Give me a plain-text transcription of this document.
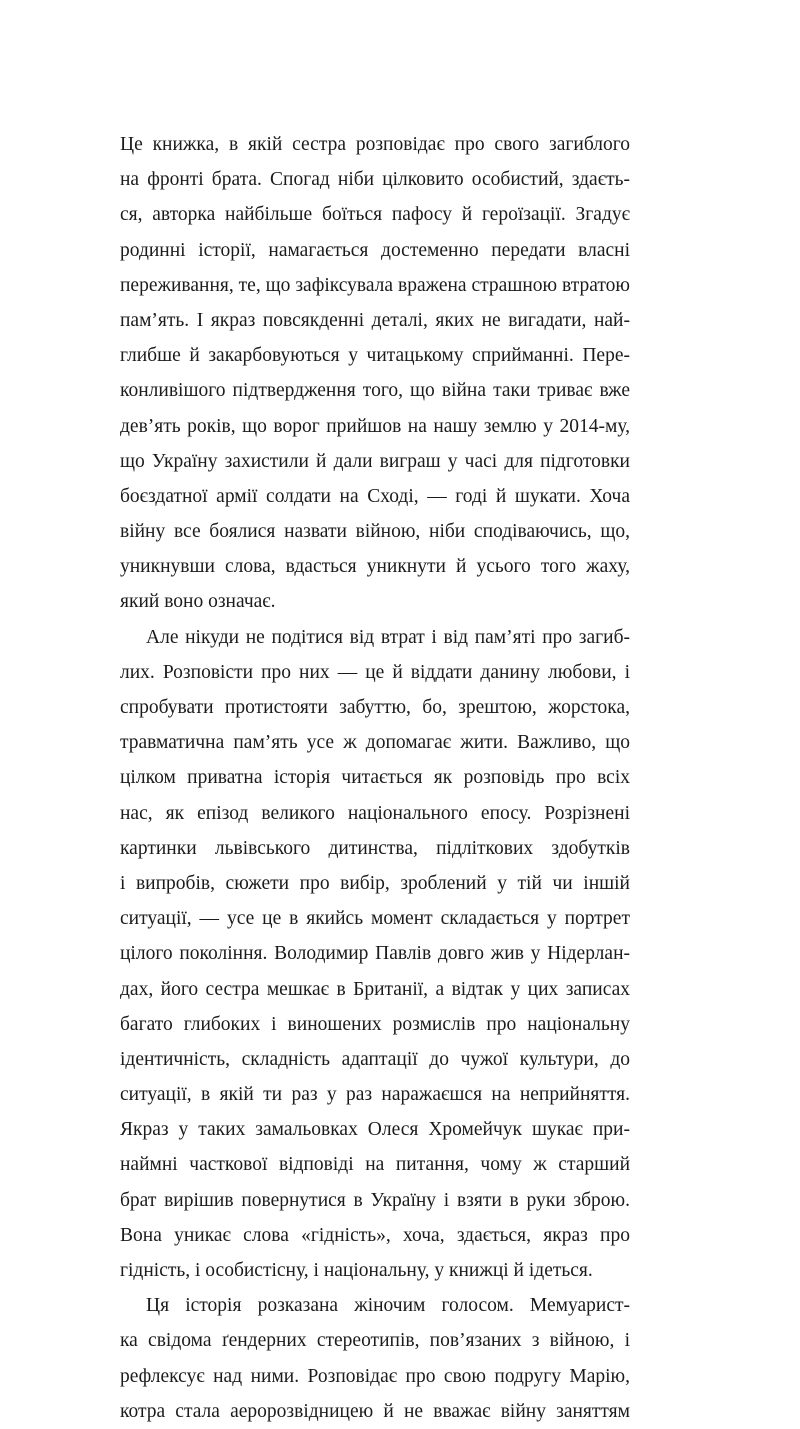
Це книжка, в якій сестра розповідає про свого загиблого
на фронті брата. Спогад ніби цілковито особистий, здаєть-
ся, авторка найбільше боїться пафосу й героїзації. Згадує
родинні історії, намагається достеменно передати власні
переживання, те, що зафіксувала вражена страшною втратою
пам’ять. І якраз повсякденні деталі, яких не вигадати, най-
глибше й закарбовуються у читацькому сприйманні. Пере-
конливішого підтвердження того, що війна таки триває вже
дев’ять років, що ворог прийшов на нашу землю у 2014-му,
що Україну захистили й дали виграш у часі для підготовки
боєздатної армії солдати на Сході, — годі й шукати. Хоча
війну все боялися назвати війною, ніби сподіваючись, що,
уникнувши слова, вдасться уникнути й усього того жаху,
який воно означає.
Але нікуди не подітися від втрат і від пам’яті про загиб-
лих. Розповісти про них — це й віддати данину любови, і
спробувати протистояти забуттю, бо, зрештою, жорстока,
травматична пам’ять усе ж допомагає жити. Важливо, що
цілком приватна історія читається як розповідь про всіх
нас, як епізод великого національного епосу. Розрізнені
картинки львівського дитинства, підліткових здобутків
і випробів, сюжети про вибір, зроблений у тій чи іншій
ситуації, — усе це в якийсь момент складається у портрет
цілого покоління. Володимир Павлів довго жив у Нідерлан-
дах, його сестра мешкає в Британії, а відтак у цих записах
багато глибоких і виношених розмислів про національну
ідентичність, складність адаптації до чужої культури, до
ситуації, в якій ти раз у раз наражаєшся на неприйняття.
Якраз у таких замальовках Олеся Хромейчук шукає при-
наймні часткової відповіді на питання, чому ж старший
брат вирішив повернутися в Україну і взяти в руки зброю.
Вона уникає слова «гідність», хоча, здається, якраз про
гідність, і особистісну, і національну, у книжці й ідеться.
Ця історія розказана жіночим голосом. Мемуарист-
ка свідома ґендерних стереотипів, пов’язаних з війною, і
рефлексує над ними. Розповідає про свою подругу Марію,
котра стала аеророзвідницею й не вважає війну заняттям
